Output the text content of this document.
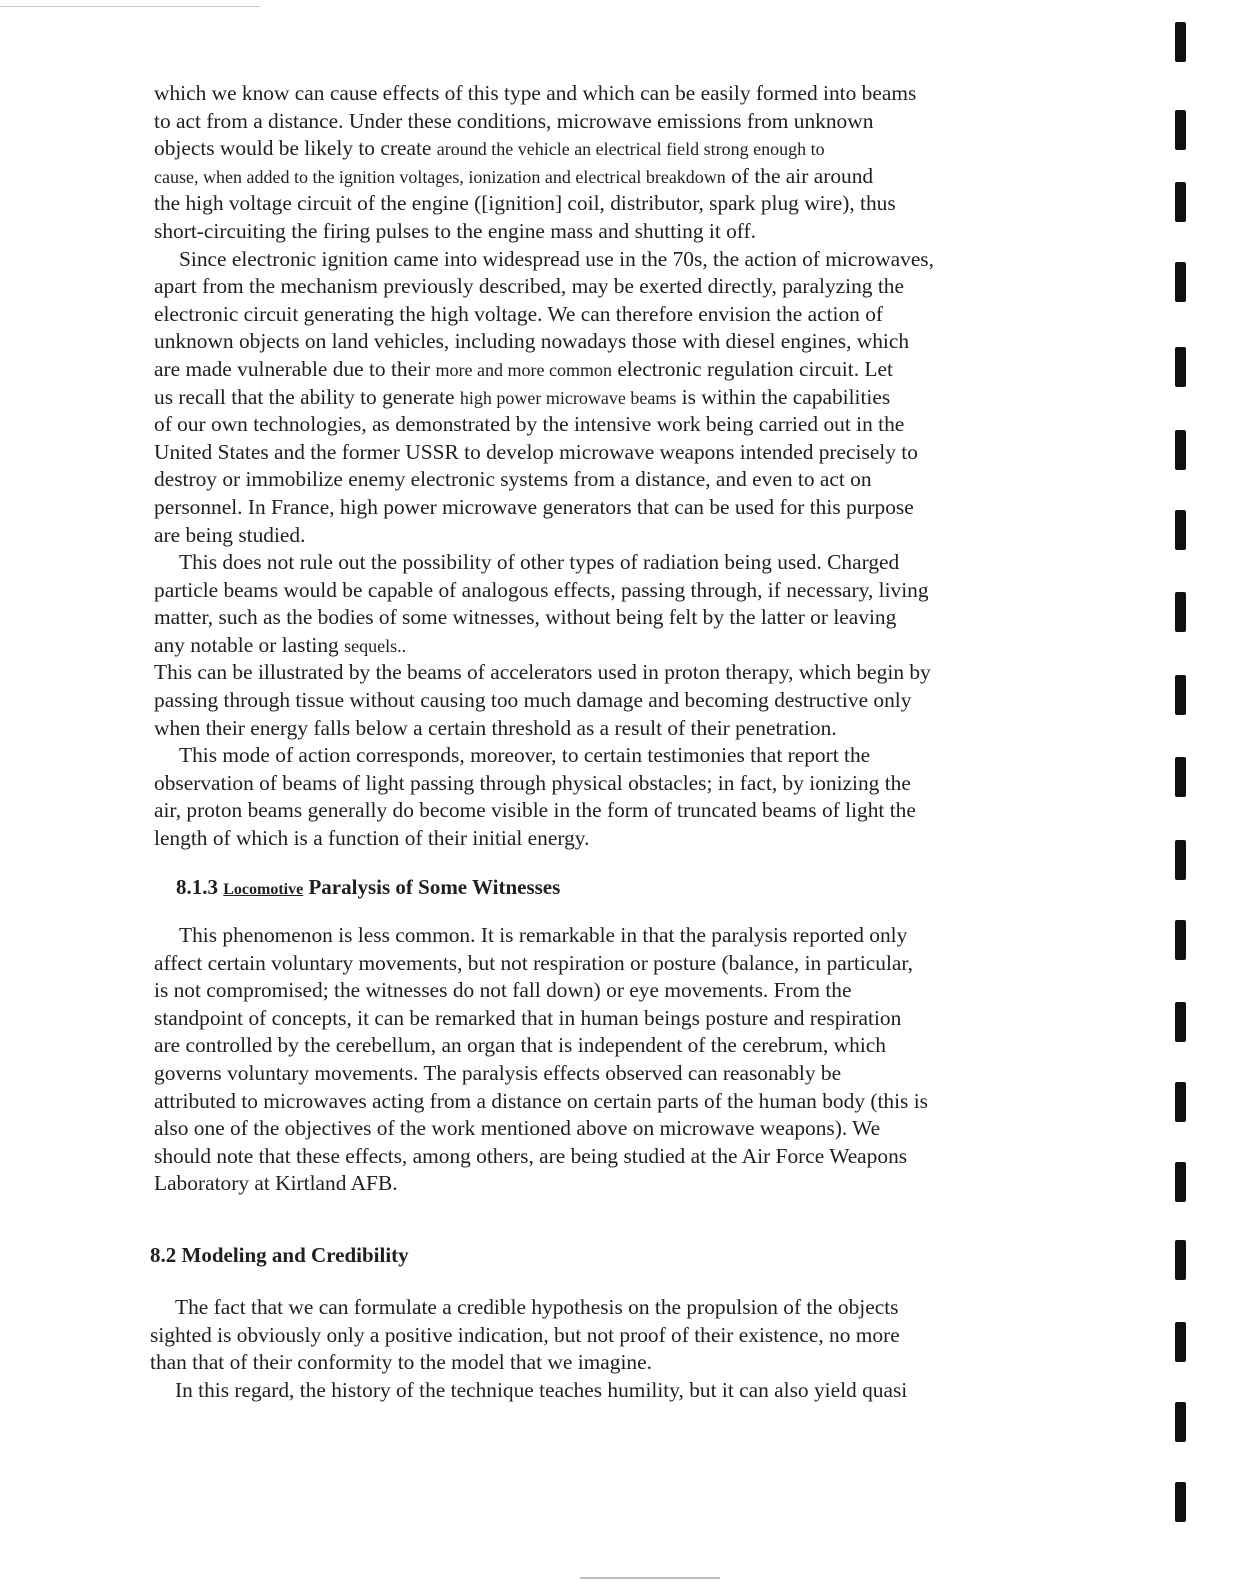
which we know can cause effects of this type and which can be easily formed into beams
to act from a distance. Under these conditions, microwave emissions from unknown
objects would be likely to create around the vehicle an electrical field strong enough to
cause, when added to the ignition voltages, ionization and electrical breakdown of the air around
the high voltage circuit of the engine ([ignition] coil, distributor, spark plug wire), thus
short-circuiting the firing pulses to the engine mass and shutting it off.
Since electronic ignition came into widespread use in the 70s, the action of microwaves,
apart from the mechanism previously described, may be exerted directly, paralyzing the
electronic circuit generating the high voltage. We can therefore envision the action of
unknown objects on land vehicles, including nowadays those with diesel engines, which
are made vulnerable due to their more and more common electronic regulation circuit. Let
us recall that the ability to generate high power microwave beams is within the capabilities
of our own technologies, as demonstrated by the intensive work being carried out in the
United States and the former USSR to develop microwave weapons intended precisely to
destroy or immobilize enemy electronic systems from a distance, and even to act on
personnel. In France, high power microwave generators that can be used for this purpose
are being studied.
This does not rule out the possibility of other types of radiation being used. Charged
particle beams would be capable of analogous effects, passing through, if necessary, living
matter, such as the bodies of some witnesses, without being felt by the latter or leaving
any notable or lasting sequels..
This can be illustrated by the beams of accelerators used in proton therapy, which begin by
passing through tissue without causing too much damage and becoming destructive only
when their energy falls below a certain threshold as a result of their penetration.
This mode of action corresponds, moreover, to certain testimonies that report the
observation of beams of light passing through physical obstacles; in fact, by ionizing the
air, proton beams generally do become visible in the form of truncated beams of light the
length of which is a function of their initial energy.
8.1.3 Locomotive Paralysis of Some Witnesses
This phenomenon is less common. It is remarkable in that the paralysis reported only
affect certain voluntary movements, but not respiration or posture (balance, in particular,
is not compromised; the witnesses do not fall down) or eye movements. From the
standpoint of concepts, it can be remarked that in human beings posture and respiration
are controlled by the cerebellum, an organ that is independent of the cerebrum, which
governs voluntary movements. The paralysis effects observed can reasonably be
attributed to microwaves acting from a distance on certain parts of the human body (this is
also one of the objectives of the work mentioned above on microwave weapons). We
should note that these effects, among others, are being studied at the Air Force Weapons
Laboratory at Kirtland AFB.
8.2 Modeling and Credibility
The fact that we can formulate a credible hypothesis on the propulsion of the objects
sighted is obviously only a positive indication, but not proof of their existence, no more
than that of their conformity to the model that we imagine.
In this regard, the history of the technique teaches humility, but it can also yield quasi
